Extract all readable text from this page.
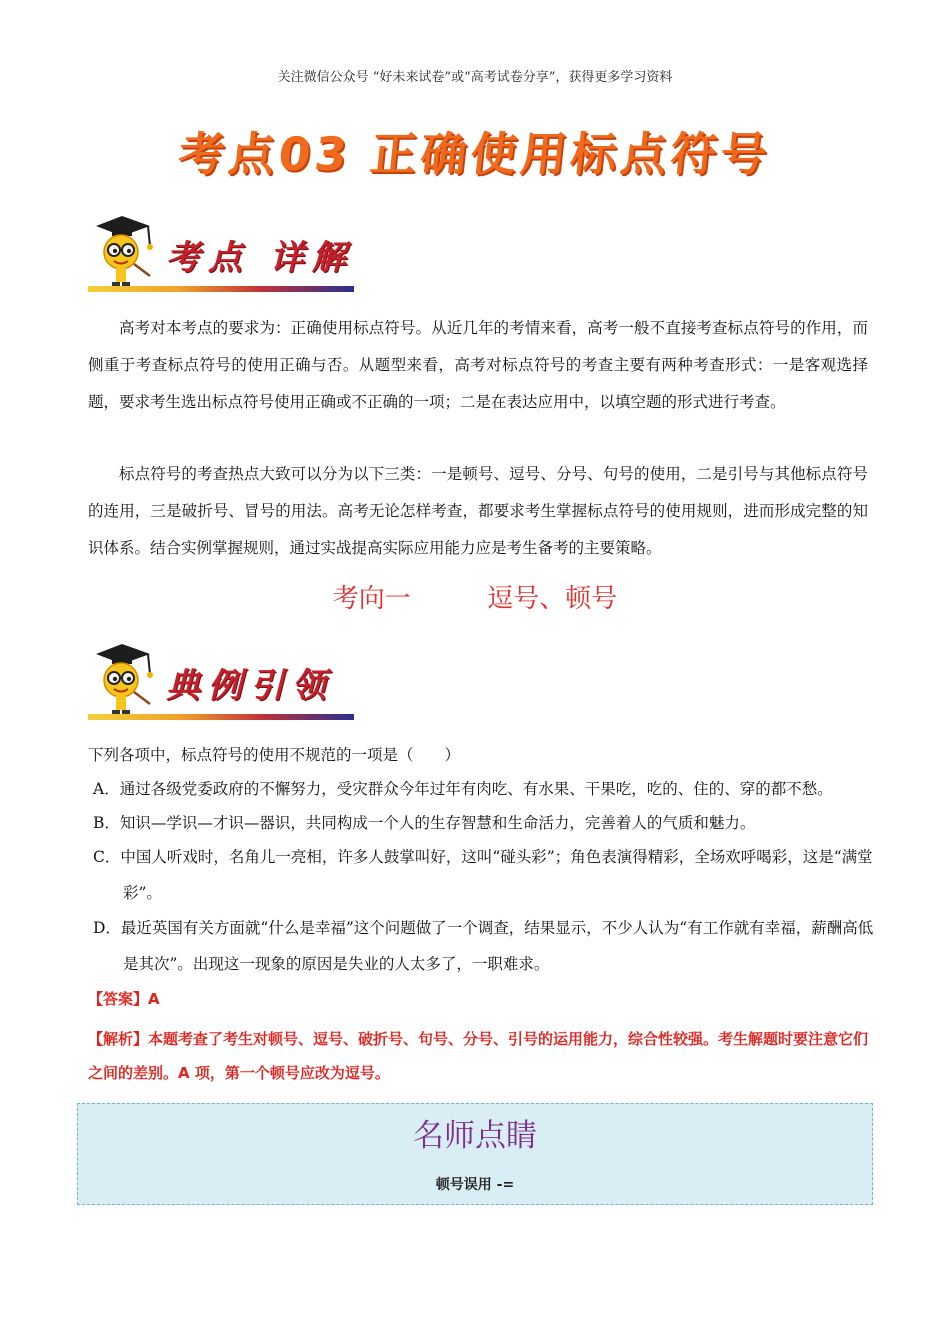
关注微信公众号 “好未来试卷”或“高考试卷分享”，获得更多学习资料
考点03 正确使用标点符号
考点 详解
高考对本考点的要求为：正确使用标点符号。从近几年的考情来看，高考一般不直接考查标点符号的作用，而侧重于考查标点符号的使用正确与否。从题型来看，高考对标点符号的考查主要有两种考查形式：一是客观选择题，要求考生选出标点符号使用正确或不正确的一项；二是在表达应用中，以填空题的形式进行考查。
标点符号的考查热点大致可以分为以下三类：一是顿号、逗号、分号、句号的使用，二是引号与其他标点符号的连用，三是破折号、冒号的用法。高考无论怎样考查，都要求考生掌握标点符号的使用规则，进而形成完整的知识体系。结合实例掌握规则，通过实战提高实际应用能力应是考生备考的主要策略。
考向一	逗号、顿号
典例引领
下列各项中，标点符号的使用不规范的一项是（　　）
A．通过各级党委政府的不懈努力，受灾群众今年过年有肉吃、有水果、干果吃，吃的、住的、穿的都不愁。
B．知识—学识—才识—器识，共同构成一个人的生存智慧和生命活力，完善着人的气质和魅力。
C．中国人听戏时，名角儿一亮相，许多人鼓掌叫好，这叫“碰头彩”；角色表演得精彩，全场欢呼喝彩，这是“满堂彩”。
D．最近英国有关方面就“什么是幸福”这个问题做了一个调查，结果显示，不少人认为“有工作就有幸福，薪酬高低是其次”。出现这一现象的原因是失业的人太多了，一职难求。
【答案】A
【解析】本题考查了考生对顿号、逗号、破折号、句号、分号、引号的运用能力，综合性较强。考生解题时要注意它们之间的差别。A 项，第一个顿号应改为逗号。
名师点睛
顿号误用 -=
